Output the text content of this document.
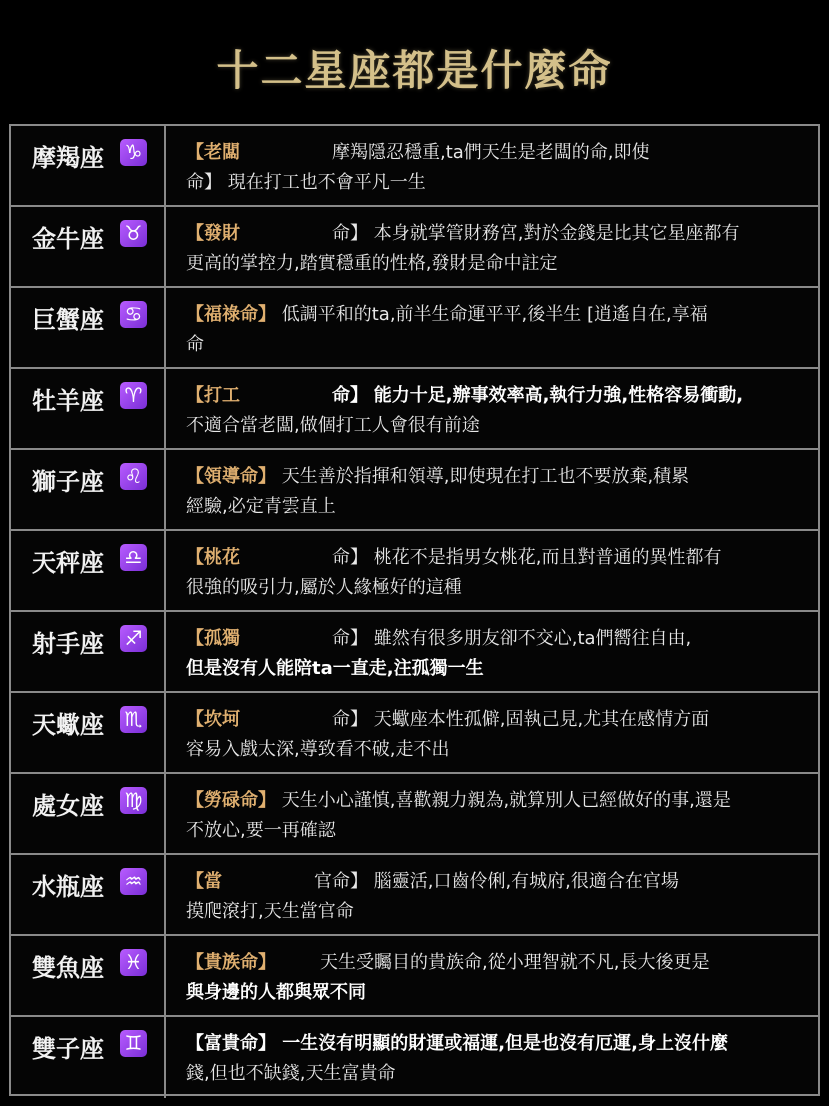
十二星座都是什麼命
摩羯座	♑ 【老闆	摩羯隱忍穩重,ta們天生是老闆的命,即使
命】 現在打工也不會平凡一生
金牛座	♉ 【發財	命】 本身就掌管財務宮,對於金錢是比其它星座都有
更高的掌控力,踏實穩重的性格,發財是命中註定
巨蟹座	♋ 【福祿命】 低調平和的ta,前半生命運平平,後半生 [逍遙自在,享福
命
牡羊座	♈ 【打工	命】 能力十足,辦事效率高,執行力強,性格容易衝動,
不適合當老闆,做個打工人會很有前途
獅子座	♌ 【領導命】 天生善於指揮和領導,即使現在打工也不要放棄,積累
經驗,必定青雲直上
天秤座	♎ 【桃花	命】 桃花不是指男女桃花,而且對普通的異性都有
很強的吸引力,屬於人緣極好的這種
射手座	♐ 【孤獨	命】 雖然有很多朋友卻不交心,ta們嚮往自由,
但是沒有人能陪ta一直走,注孤獨一生
天蠍座	♏ 【坎坷	命】 天蠍座本性孤僻,固執己見,尤其在感情方面
容易入戲太深,導致看不破,走不出
處女座	♍ 【勞碌命】 天生小心謹慎,喜歡親力親為,就算別人已經做好的事,還是
不放心,要一再確認
水瓶座	♒ 【當	官命】 腦靈活,口齒伶俐,有城府,很適合在官場
摸爬滾打,天生當官命
雙魚座	♓ 【貴族命】 天生受矚目的貴族命,從小理智就不凡,長大後更是
與身邊的人都與眾不同
雙子座	♊ 【富貴命】 一生沒有明顯的財運或福運,但是也沒有厄運,身上沒什麼
錢,但也不缺錢,天生富貴命
